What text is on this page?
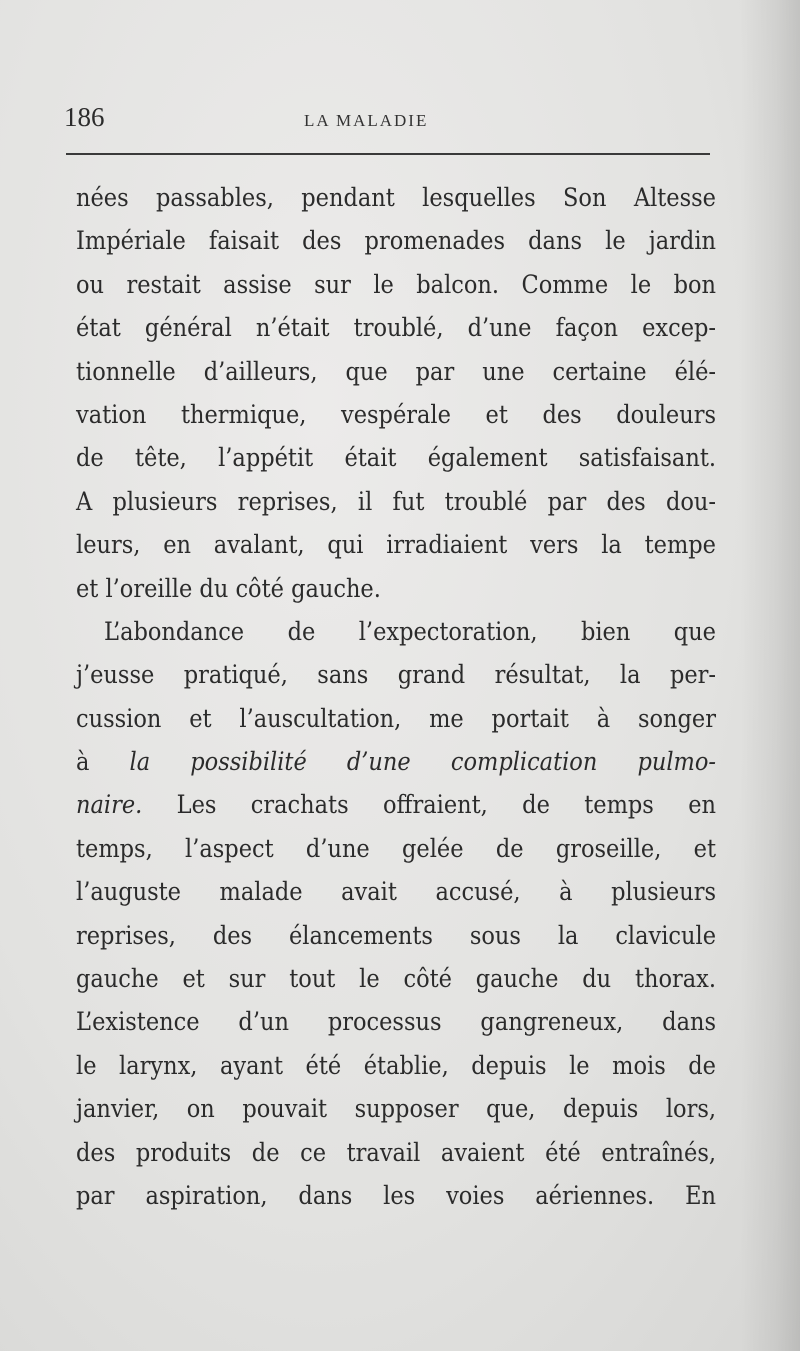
186	LA MALADIE
nées passables, pendant lesquelles Son Altesse
Impériale faisait des promenades dans le jardin
ou restait assise sur le balcon. Comme le bon
état général n’était troublé, d’une façon excep-
tionnelle d’ailleurs, que par une certaine élé-
vation thermique, vespérale et des douleurs
de tête, l’appétit était également satisfaisant.
A plusieurs reprises, il fut troublé par des dou-
leurs, en avalant, qui irradiaient vers la tempe
et l’oreille du côté gauche.
L’abondance de l’expectoration, bien que
j’eusse pratiqué, sans grand résultat, la per-
cussion et l’auscultation, me portait à songer
à la possibilité d’une complication pulmo-
naire. Les crachats offraient, de temps en
temps, l’aspect d’une gelée de groseille, et
l’auguste malade avait accusé, à plusieurs
reprises, des élancements sous la clavicule
gauche et sur tout le côté gauche du thorax.
L’existence d’un processus gangreneux, dans
le larynx, ayant été établie, depuis le mois de
janvier, on pouvait supposer que, depuis lors,
des produits de ce travail avaient été entraînés,
par aspiration, dans les voies aériennes. En
